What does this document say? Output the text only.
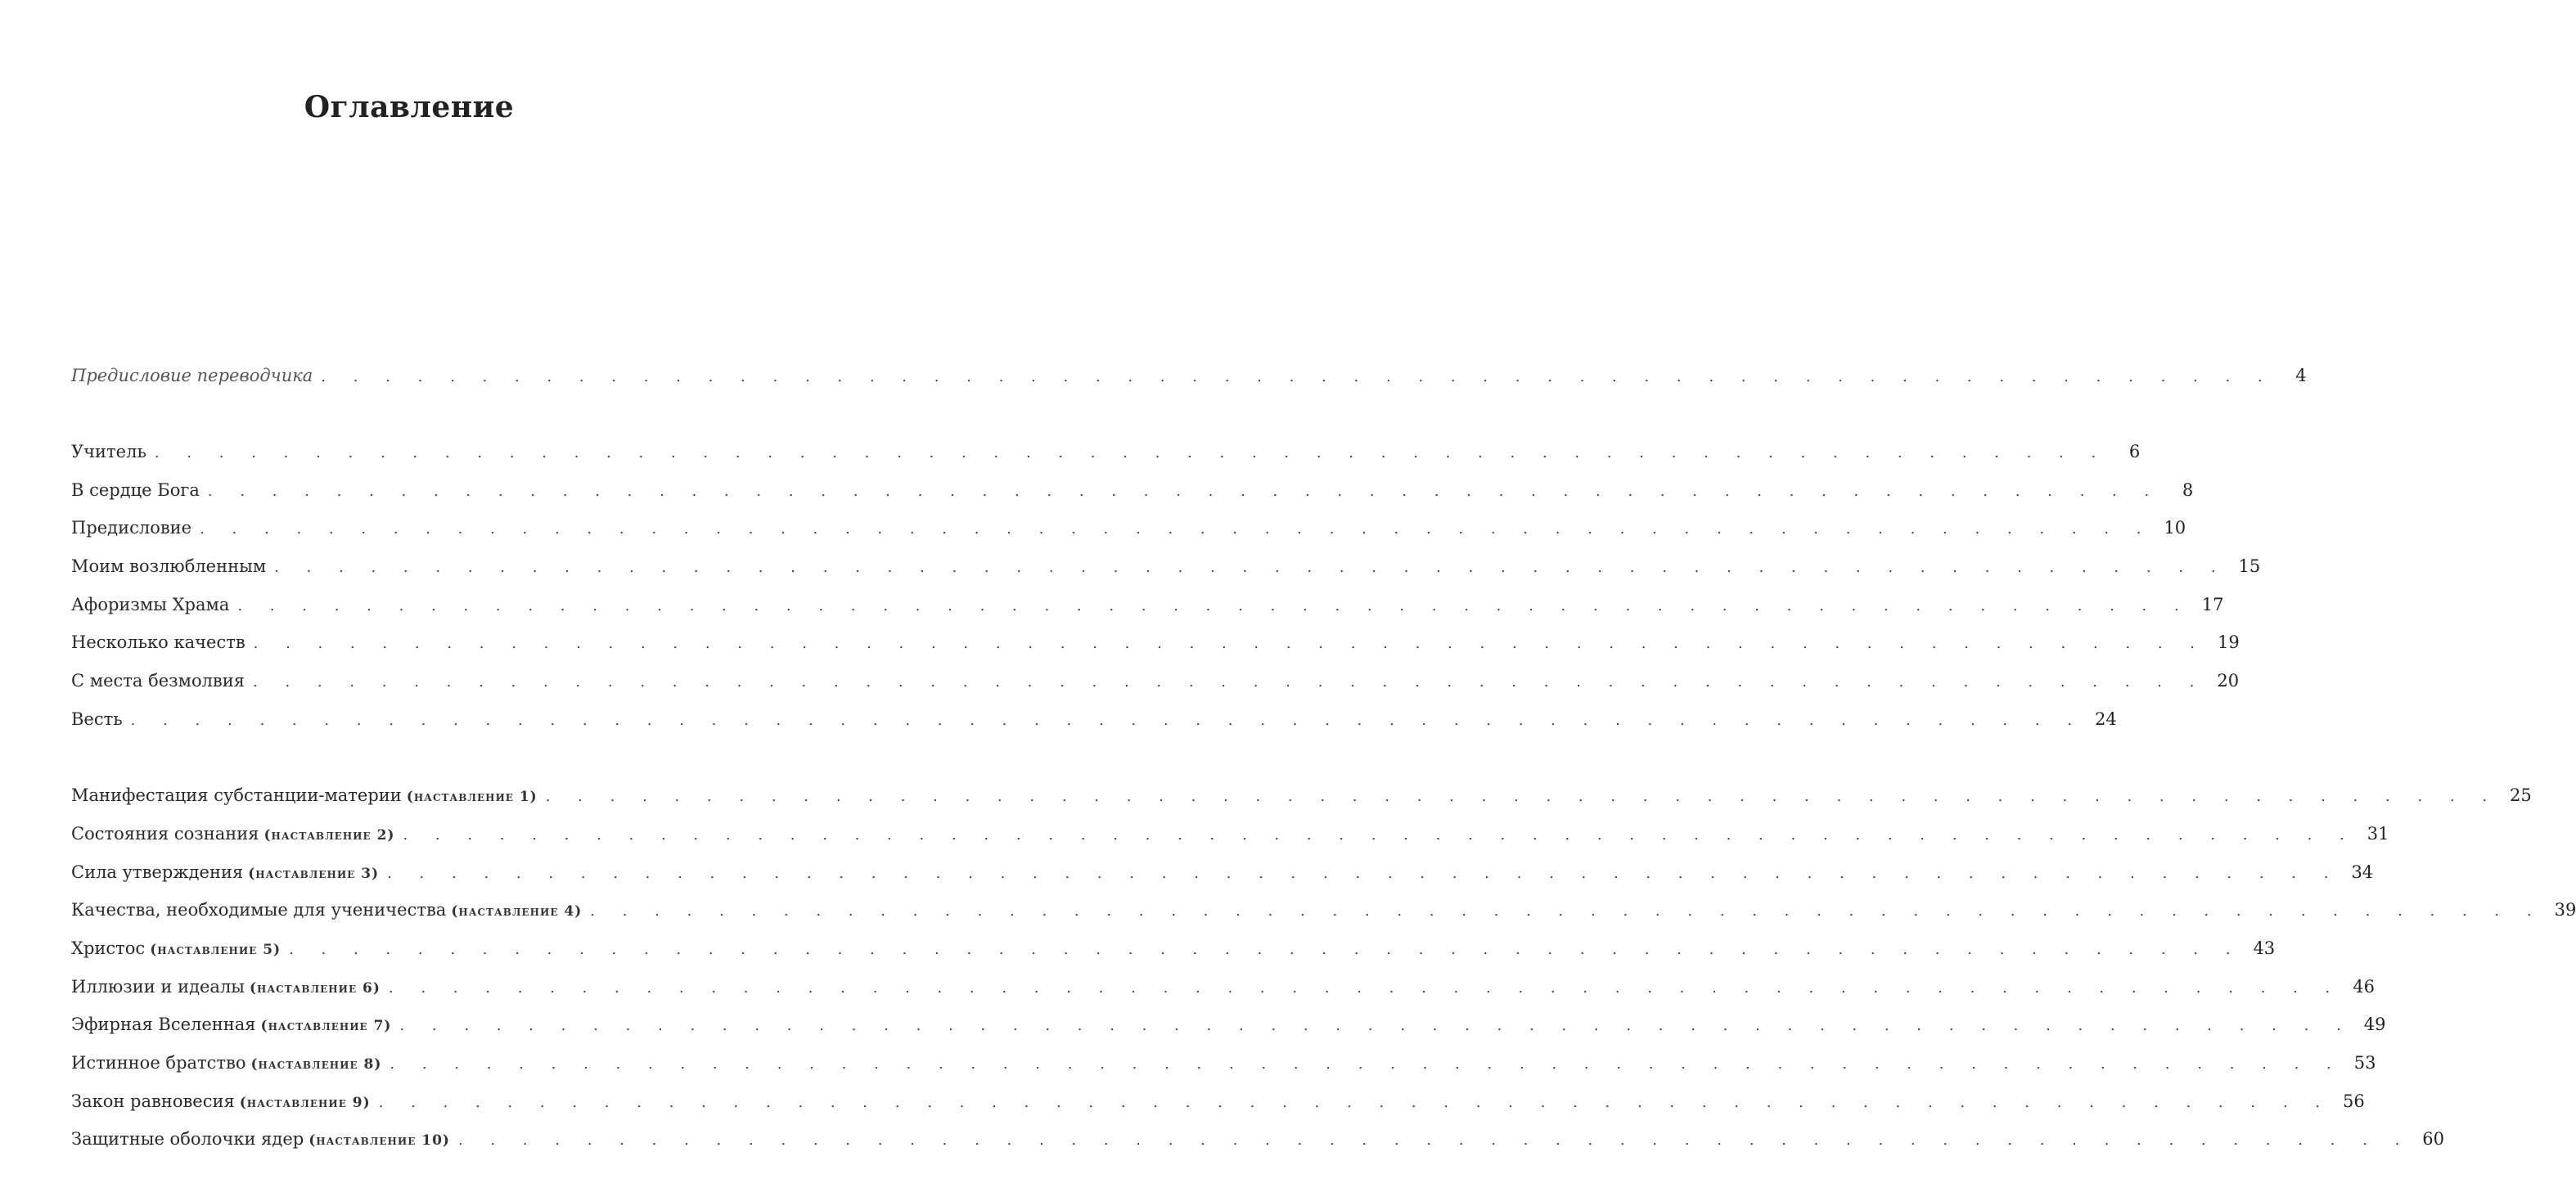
Оглавление
Предисловие переводчика . . . . . . . . . . . . . . . . . . . . . . . . . . . . . . . . . . . . . . . . . . . . . . . . . . . . . . . . . . . . .	4
Учитель . . . . . . . . . . . . . . . . . . . . . . . . . . . . . . . . . . . . . . . . . . . . . . . . . . . . . . . . . . . . .	6
В сердце Бога . . . . . . . . . . . . . . . . . . . . . . . . . . . . . . . . . . . . . . . . . . . . . . . . . . . . . . . . . . . . .	8
Предисловие . . . . . . . . . . . . . . . . . . . . . . . . . . . . . . . . . . . . . . . . . . . . . . . . . . . . . . . . . . . . . 10
Моим возлюбленным . . . . . . . . . . . . . . . . . . . . . . . . . . . . . . . . . . . . . . . . . . . . . . . . . . . . . . . . . . . . . 15
Афоризмы Храма . . . . . . . . . . . . . . . . . . . . . . . . . . . . . . . . . . . . . . . . . . . . . . . . . . . . . . . . . . . . . 17
Несколько качеств . . . . . . . . . . . . . . . . . . . . . . . . . . . . . . . . . . . . . . . . . . . . . . . . . . . . . . . . . . . . . 19
С места безмолвия . . . . . . . . . . . . . . . . . . . . . . . . . . . . . . . . . . . . . . . . . . . . . . . . . . . . . . . . . . . . . 20
Весть . . . . . . . . . . . . . . . . . . . . . . . . . . . . . . . . . . . . . . . . . . . . . . . . . . . . . . . . . . . . . 24
Манифестация субстанции-материи (наставление 1) . . . . . . . . . . . . . . . . . . . . . . . . . . . . . . . . . . . . . . . . . . . . . . . . . . . . . . . . . . . . . 25
Состояния сознания (наставление 2) . . . . . . . . . . . . . . . . . . . . . . . . . . . . . . . . . . . . . . . . . . . . . . . . . . . . . . . . . . . . . 31
Сила утверждения (наставление 3) . . . . . . . . . . . . . . . . . . . . . . . . . . . . . . . . . . . . . . . . . . . . . . . . . . . . . . . . . . . . . 34
Качества, необходимые для ученичества (наставление 4) . . . . . . . . . . . . . . . . . . . . . . . . . . . . . . . . . . . . . . . . . . . . . . . . . . . . . . . . . . . . . 39
Христос (наставление 5) . . . . . . . . . . . . . . . . . . . . . . . . . . . . . . . . . . . . . . . . . . . . . . . . . . . . . . . . . . . . . 43
Иллюзии и идеалы (наставление 6) . . . . . . . . . . . . . . . . . . . . . . . . . . . . . . . . . . . . . . . . . . . . . . . . . . . . . . . . . . . . . 46
Эфирная Вселенная (наставление 7) . . . . . . . . . . . . . . . . . . . . . . . . . . . . . . . . . . . . . . . . . . . . . . . . . . . . . . . . . . . . . 49
Истинное братство (наставление 8) . . . . . . . . . . . . . . . . . . . . . . . . . . . . . . . . . . . . . . . . . . . . . . . . . . . . . . . . . . . . . 53
Закон равновесия (наставление 9) . . . . . . . . . . . . . . . . . . . . . . . . . . . . . . . . . . . . . . . . . . . . . . . . . . . . . . . . . . . . . 56
Защитные оболочки ядер (наставление 10) . . . . . . . . . . . . . . . . . . . . . . . . . . . . . . . . . . . . . . . . . . . . . . . . . . . . . . . . . . . . . 60
